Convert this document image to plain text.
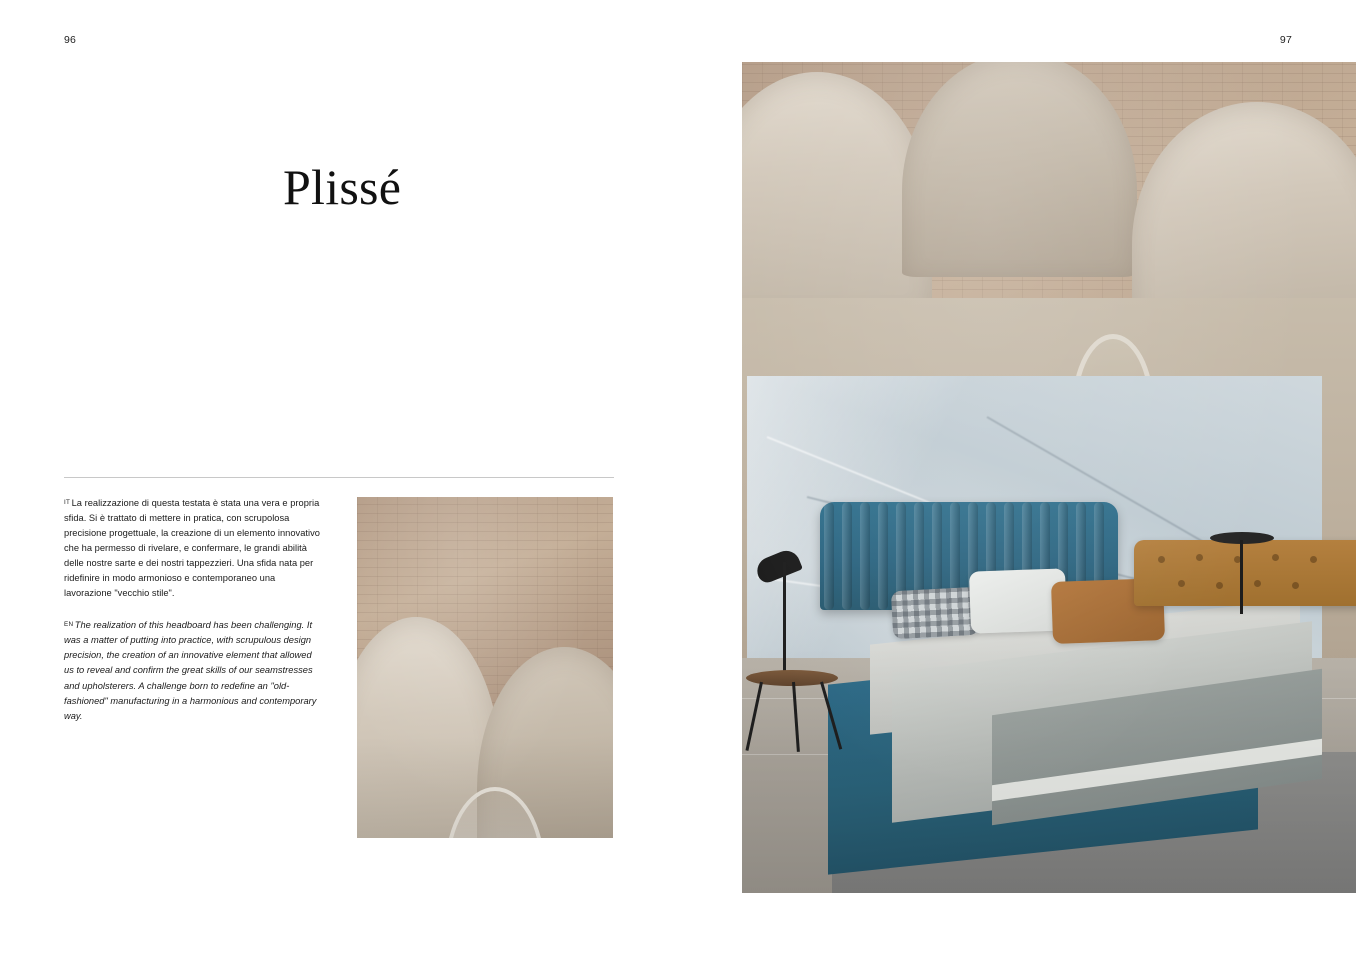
96
Plissé

$^{IT}$ La realizzazione di questa testata è stata una vera e propria sfida. Si è trattato di mettere in pratica, con scrupolosa precisione progettuale, la creazione di un elemento innovativo che ha permesso di rivelare, e confermare, le grandi abilità delle nostre sarte e dei nostri tappezzieri. Una sfida nata per ridefinire in modo armonioso e contemporaneo una lavorazione "vecchio stile".

$^{EN}$ The realization of this headboard has been challenging. It was a matter of putting into practice, with scrupulous design precision, the creation of an innovative element that allowed us to reveal and confirm the great skills of our seamstresses and upholsterers. A challenge born to redefine an "old-fashioned" manufacturing in a harmonious and contemporary way.

97
